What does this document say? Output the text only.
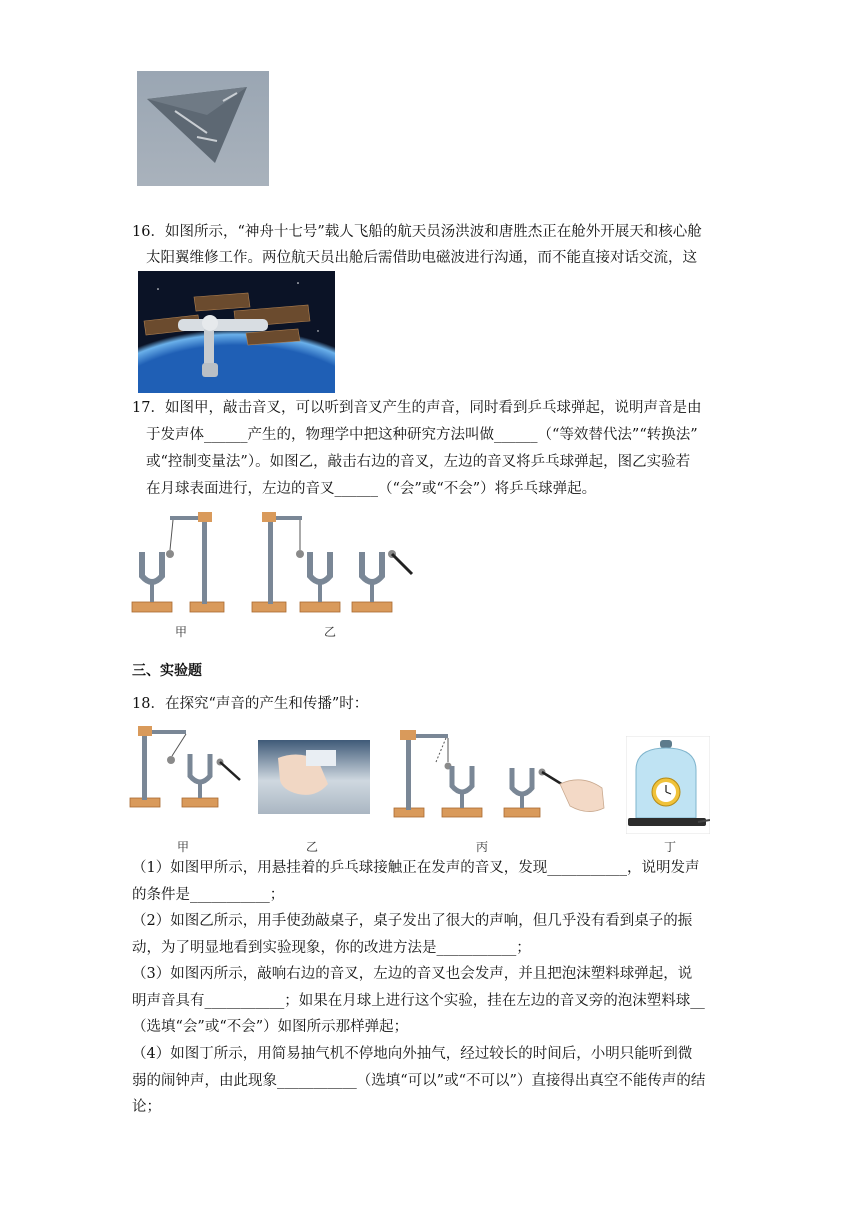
16．如图所示，“神舟十七号”载人飞船的航天员汤洪波和唐胜杰正在舱外开展天和核心舱
太阳翼维修工作。两位航天员出舱后需借助电磁波进行沟通，而不能直接对话交流，这
17．如图甲，敲击音叉，可以听到音叉产生的声音，同时看到乒乓球弹起，说明声音是由
于发声体______产生的，物理学中把这种研究方法叫做______（“等效替代法”“转换法”
或“控制变量法”）。如图乙，敲击右边的音叉，左边的音叉将乒乓球弹起，图乙实验若
在月球表面进行，左边的音叉______（“会”或“不会”）将乒乓球弹起。
甲	乙
三、实验题
18．在探究“声音的产生和传播”时：
甲	乙	丙	丁
（1）如图甲所示，用悬挂着的乒乓球接触正在发声的音叉，发现___________，说明发声
的条件是___________；
（2）如图乙所示，用手使劲敲桌子，桌子发出了很大的声响，但几乎没有看到桌子的振
动，为了明显地看到实验现象，你的改进方法是___________；
（3）如图丙所示，敲响右边的音叉，左边的音叉也会发声，并且把泡沫塑料球弹起，说
明声音具有___________；如果在月球上进行这个实验，挂在左边的音叉旁的泡沫塑料球__
（选填“会”或“不会”）如图所示那样弹起；
（4）如图丁所示，用简易抽气机不停地向外抽气，经过较长的时间后，小明只能听到微
弱的闹钟声，由此现象___________（选填“可以”或“不可以”）直接得出真空不能传声的结
论；
